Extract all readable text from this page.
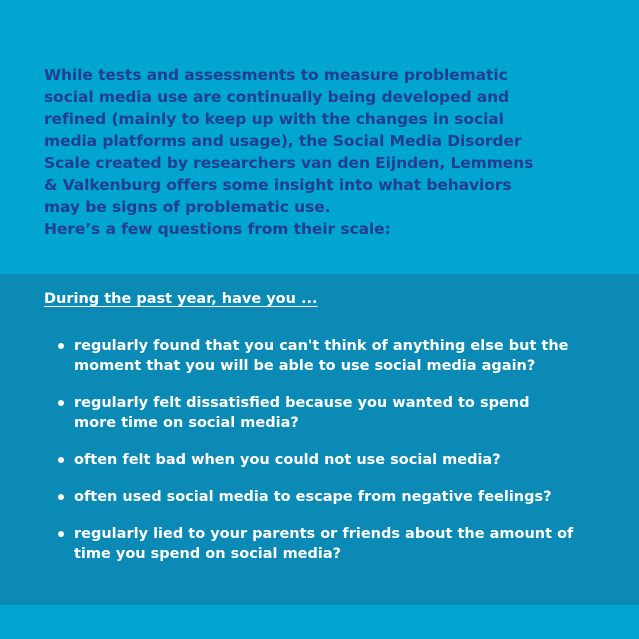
While tests and assessments to measure problematic
social media use are continually being developed and
refined (mainly to keep up with the changes in social
media platforms and usage), the Social Media Disorder
Scale created by researchers van den Eijnden, Lemmens
& Valkenburg offers some insight into what behaviors
may be signs of problematic use.
Here’s a few questions from their scale:

During the past year, have you ...
regularly found that you can't think of anything else but the
moment that you will be able to use social media again?
regularly felt dissatisfied because you wanted to spend
more time on social media?
often felt bad when you could not use social media?
often used social media to escape from negative feelings?
regularly lied to your parents or friends about the amount of
time you spend on social media?
